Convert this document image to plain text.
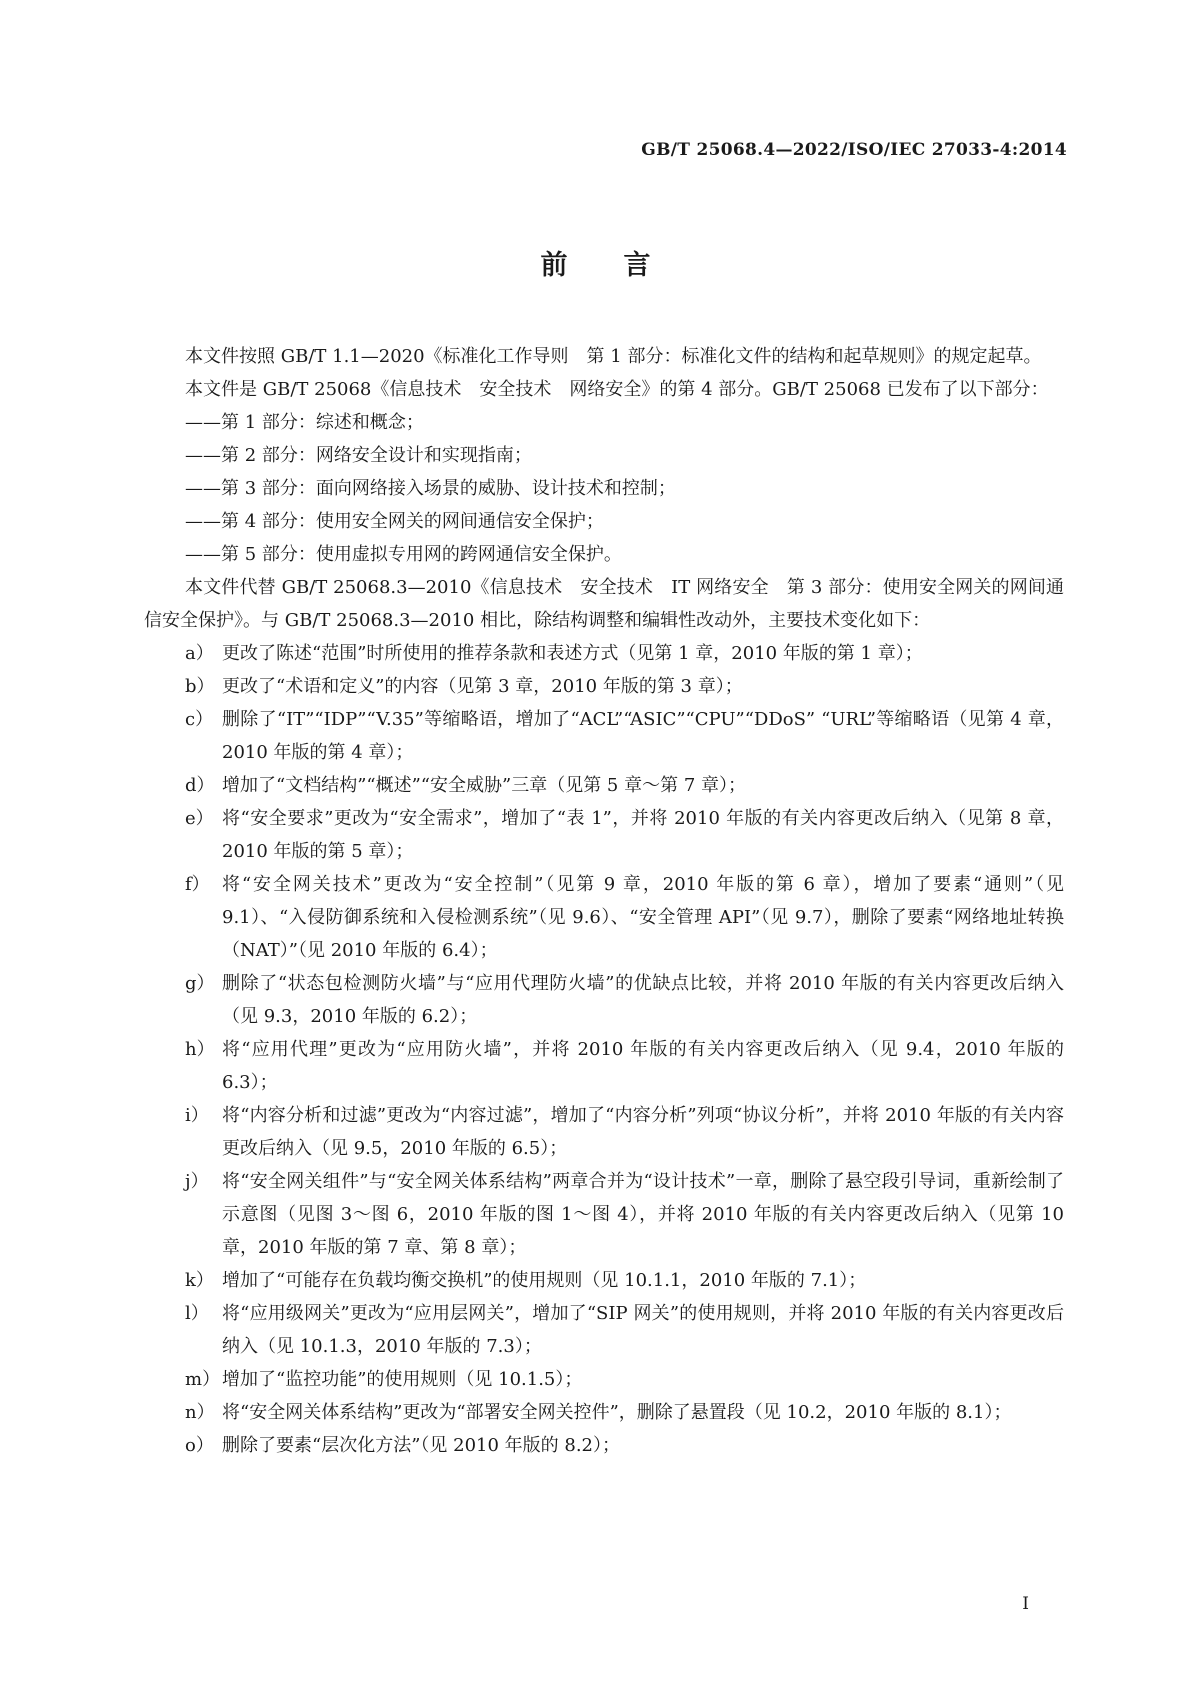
GB/T 25068.4—2022/ISO/IEC 27033-4:2014
前言

本文件按照 GB/T 1.1—2020《标准化工作导则　第 1 部分：标准化文件的结构和起草规则》的规定起草。

本文件是 GB/T 25068《信息技术　安全技术　网络安全》的第 4 部分。GB/T 25068 已发布了以下部分：

——第 1 部分：综述和概念；

——第 2 部分：网络安全设计和实现指南；

——第 3 部分：面向网络接入场景的威胁、设计技术和控制；

——第 4 部分：使用安全网关的网间通信安全保护；

——第 5 部分：使用虚拟专用网的跨网通信安全保护。

本文件代替 GB/T 25068.3—2010《信息技术　安全技术　IT 网络安全　第 3 部分：使用安全网关的网间通信安全保护》。与 GB/T 25068.3—2010 相比，除结构调整和编辑性改动外，主要技术变化如下：

a） 更改了陈述“范围”时所使用的推荐条款和表述方式（见第 1 章，2010 年版的第 1 章）；
b） 更改了“术语和定义”的内容（见第 3 章，2010 年版的第 3 章）；
c） 删除了“IT”“IDP”“V.35”等缩略语，增加了“ACL”“ASIC”“CPU”“DDoS” “URL”等缩略语（见第 4 章，2010 年版的第 4 章）；
d） 增加了“文档结构”“概述”“安全威胁”三章（见第 5 章～第 7 章）；
e） 将“安全要求”更改为“安全需求”，增加了“表 1”，并将 2010 年版的有关内容更改后纳入（见第 8 章，2010 年版的第 5 章）；
f） 将“安全网关技术”更改为“安全控制”（见第 9 章，2010 年版的第 6 章），增加了要素“通则”（见 9.1）、“入侵防御系统和入侵检测系统”（见 9.6）、“安全管理 API”（见 9.7），删除了要素“网络地址转换（NAT）”（见 2010 年版的 6.4）；
g） 删除了“状态包检测防火墙”与“应用代理防火墙”的优缺点比较，并将 2010 年版的有关内容更改后纳入（见 9.3，2010 年版的 6.2）；
h） 将“应用代理”更改为“应用防火墙”，并将 2010 年版的有关内容更改后纳入（见 9.4，2010 年版的 6.3）；
i） 将“内容分析和过滤”更改为“内容过滤”，增加了“内容分析”列项“协议分析”，并将 2010 年版的有关内容更改后纳入（见 9.5，2010 年版的 6.5）；
j） 将“安全网关组件”与“安全网关体系结构”两章合并为“设计技术”一章，删除了悬空段引导词，重新绘制了示意图（见图 3～图 6，2010 年版的图 1～图 4），并将 2010 年版的有关内容更改后纳入（见第 10 章，2010 年版的第 7 章、第 8 章）；
k） 增加了“可能存在负载均衡交换机”的使用规则（见 10.1.1，2010 年版的 7.1）；
l） 将“应用级网关”更改为“应用层网关”，增加了“SIP 网关”的使用规则，并将 2010 年版的有关内容更改后纳入（见 10.1.3，2010 年版的 7.3）；
m） 增加了“监控功能”的使用规则（见 10.1.5）；
n） 将“安全网关体系结构”更改为“部署安全网关控件”，删除了悬置段（见 10.2，2010 年版的 8.1）；
o） 删除了要素“层次化方法”（见 2010 年版的 8.2）；
I
